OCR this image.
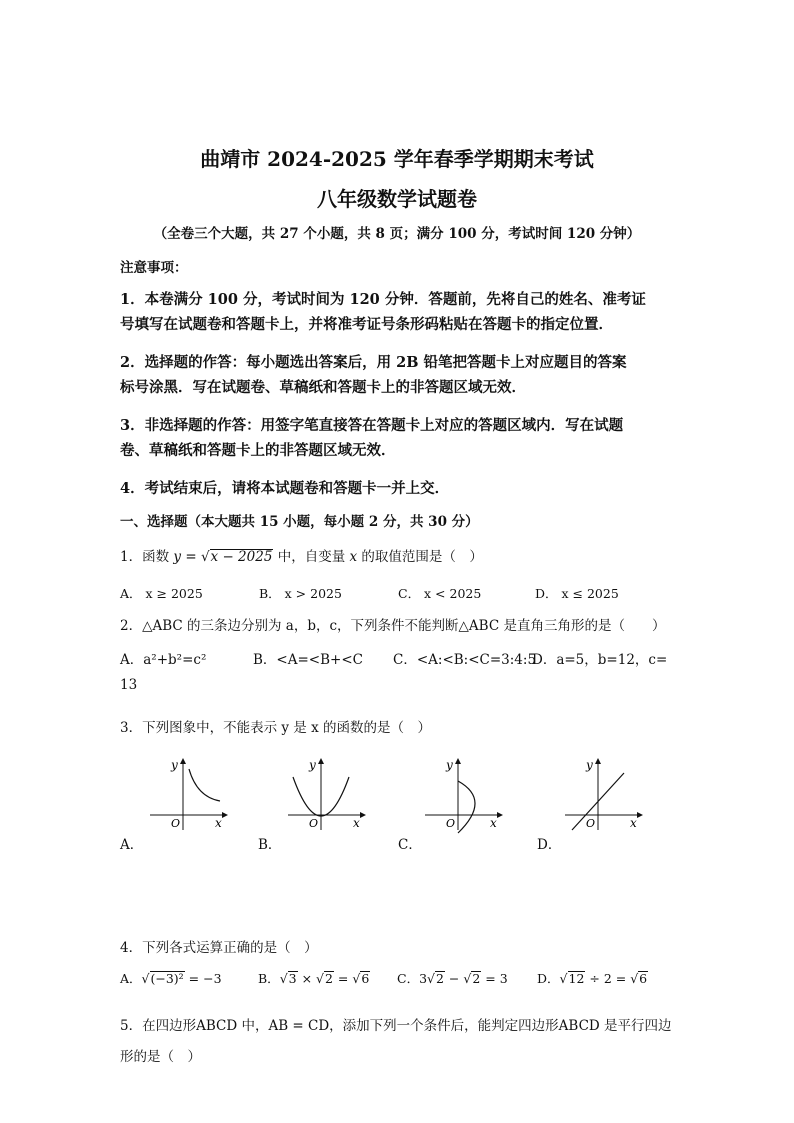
曲靖市 2024-2025 学年春季学期期末考试
八年级数学试题卷
（全卷三个大题，共 27 个小题，共 8 页；满分 100 分，考试时间 120 分钟）
注意事项：
1．本卷满分 100 分，考试时间为 120 分钟．答题前，先将自己的姓名、准考证
号填写在试题卷和答题卡上，并将准考证号条形码粘贴在答题卡的指定位置．
2．选择题的作答：每小题选出答案后，用 2B 铅笔把答题卡上对应题目的答案
标号涂黑．写在试题卷、草稿纸和答题卡上的非答题区域无效．
3．非选择题的作答：用签字笔直接答在答题卡上对应的答题区域内．写在试题
卷、草稿纸和答题卡上的非答题区域无效．
4．考试结束后，请将本试题卷和答题卡一并上交．
一、选择题（本大题共 15 小题，每小题 2 分，共 30 分）
1．函数 y = √x − 2025 中，自变量 x 的取值范围是（　）
A． x ≥ 2025	B． x > 2025	C． x < 2025	D． x ≤ 2025
2．△ABC 的三条边分别为 a，b，c，下列条件不能判断△ABC 是直角三角形的是（　　）
A．a²+b²=c²	B．<A=<B+<C C．<A:<B:<C=3:4:5
D．a=5，b=12，c=
13
3．下列图象中，不能表示 y 是 x 的函数的是（　）
y
x
O
y
x
O
y
x
O
y
x
O
A．	B．	C．	D．
4．下列各式运算正确的是（　）
A．√(−3)² = −3	B．√3 × √2 = √6 C．3√2 − √2 = 3 D．√12 ÷ 2 = √6
5．在四边形ABCD 中，AB = CD，添加下列一个条件后，能判定四边形ABCD 是平行四边
形的是（　）
